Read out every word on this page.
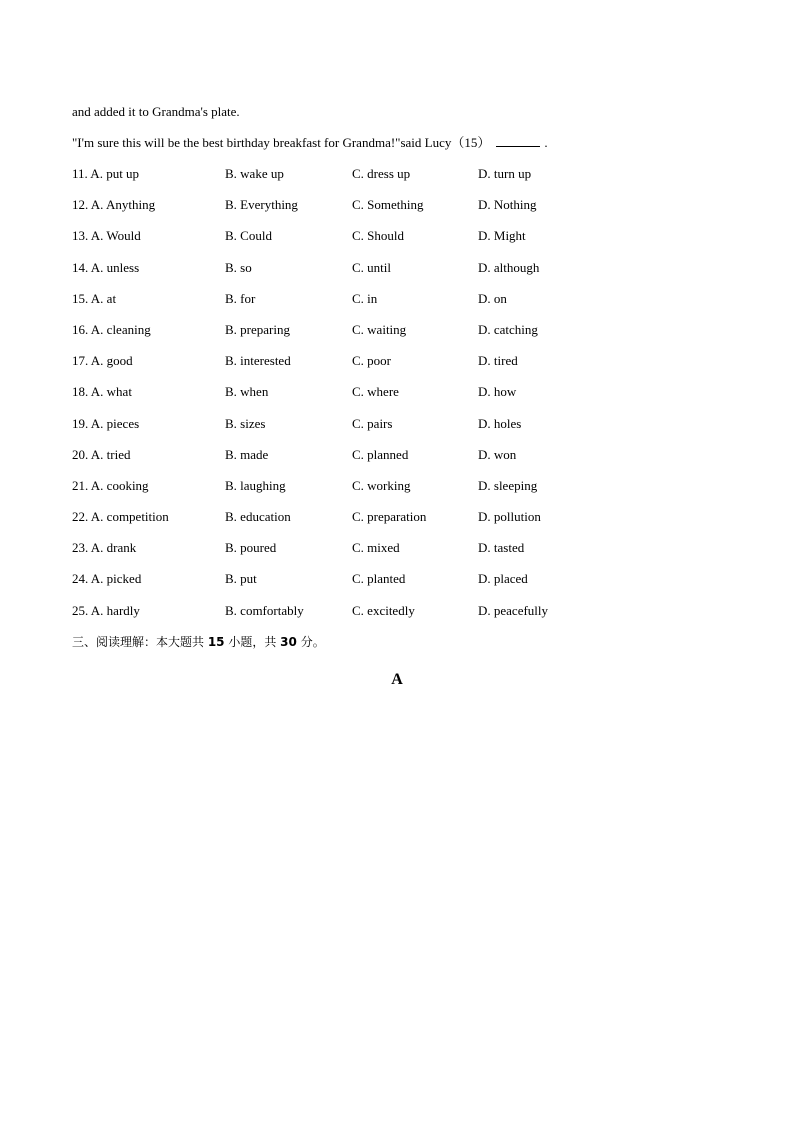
and added it to Grandma's plate.
"I'm sure this will be the best birthday breakfast for Grandma!"said Lucy（15）	.
11. A. put up	B. wake up	C. dress up	D. turn up
12. A. Anything	B. Everything	C. Something	D. Nothing
13. A. Would	B. Could	C. Should	D. Might
14. A. unless	B. so	C. until	D. although
15. A. at	B. for	C. in	D. on
16. A. cleaning	B. preparing	C. waiting	D. catching
17. A. good	B. interested	C. poor	D. tired
18. A. what	B. when	C. where	D. how
19. A. pieces	B. sizes	C. pairs	D. holes
20. A. tried	B. made	C. planned	D. won
21. A. cooking	B. laughing	C. working	D. sleeping
22. A. competition	B. education	C. preparation	D. pollution
23. A. drank	B. poured	C. mixed	D. tasted
24. A. picked	B. put	C. planted	D. placed
25. A. hardly	B. comfortably	C. excitedly	D. peacefully
三、阅读理解：本大题共 15 小题，共 30 分。
A
